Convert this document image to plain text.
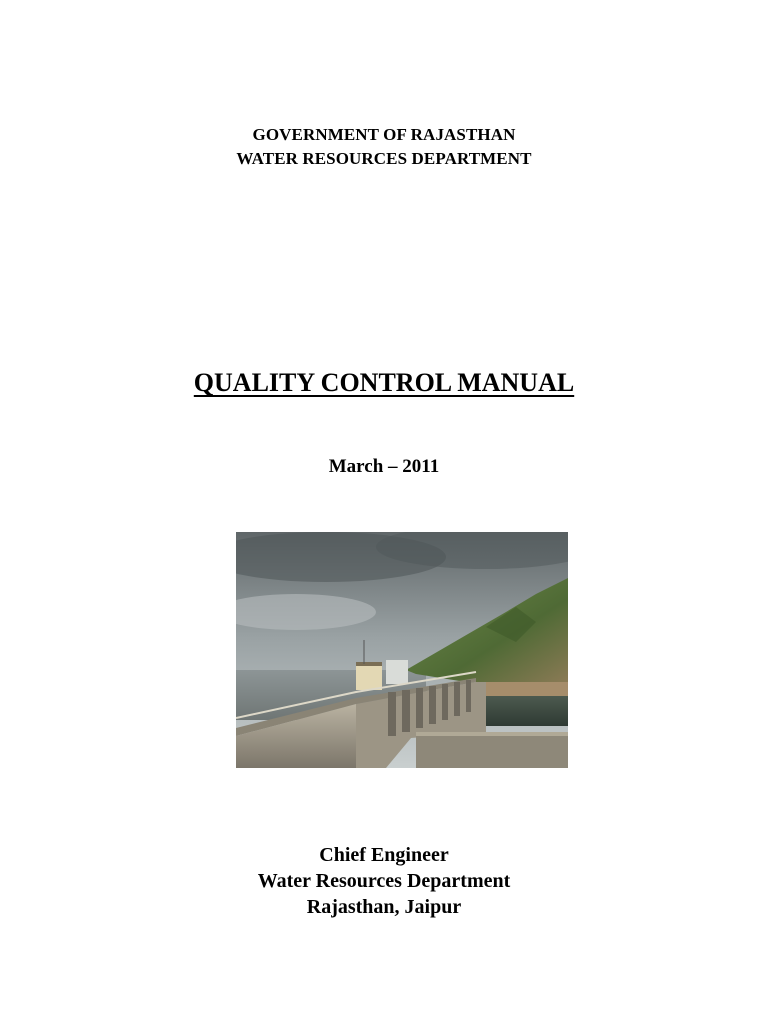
GOVERNMENT OF RAJASTHAN
WATER RESOURCES DEPARTMENT
QUALITY CONTROL MANUAL
March – 2011
Chief Engineer
Water Resources Department
Rajasthan, Jaipur
